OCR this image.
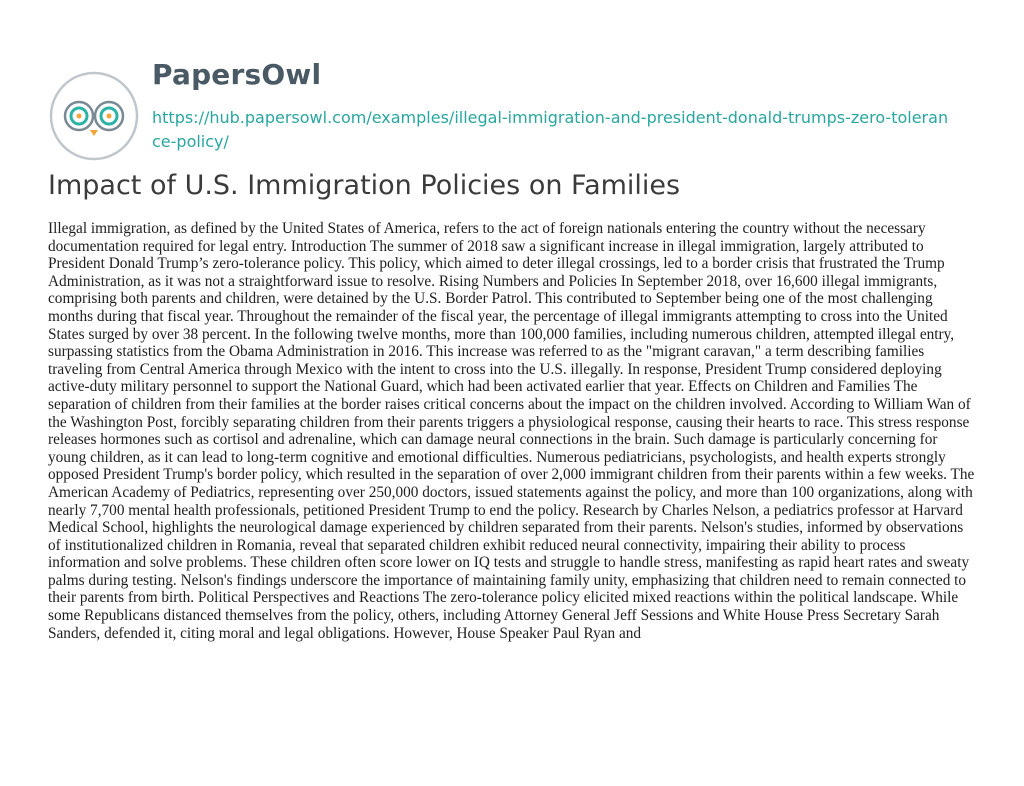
PapersOwl
https://hub.papersowl.com/examples/illegal-immigration-and-president-donald-trumps-zero-tolerance-policy/
Impact of U.S. Immigration Policies on Families

Illegal immigration, as defined by the United States of America, refers to the act of foreign nationals entering the country without the necessary documentation required for legal entry. Introduction The summer of 2018 saw a significant increase in illegal immigration, largely attributed to President Donald Trump’s zero-tolerance policy. This policy, which aimed to deter illegal crossings, led to a border crisis that frustrated the Trump Administration, as it was not a straightforward issue to resolve. Rising Numbers and Policies In September 2018, over 16,600 illegal immigrants, comprising both parents and children, were detained by the U.S. Border Patrol. This contributed to September being one of the most challenging months during that fiscal year. Throughout the remainder of the fiscal year, the percentage of illegal immigrants attempting to cross into the United States surged by over 38 percent. In the following twelve months, more than 100,000 families, including numerous children, attempted illegal entry, surpassing statistics from the Obama Administration in 2016. This increase was referred to as the "migrant caravan," a term describing families traveling from Central America through Mexico with the intent to cross into the U.S. illegally. In response, President Trump considered deploying active-duty military personnel to support the National Guard, which had been activated earlier that year. Effects on Children and Families The separation of children from their families at the border raises critical concerns about the impact on the children involved. According to William Wan of the Washington Post, forcibly separating children from their parents triggers a physiological response, causing their hearts to race. This stress response releases hormones such as cortisol and adrenaline, which can damage neural connections in the brain. Such damage is particularly concerning for young children, as it can lead to long-term cognitive and emotional difficulties. Numerous pediatricians, psychologists, and health experts strongly opposed President Trump's border policy, which resulted in the separation of over 2,000 immigrant children from their parents within a few weeks. The American Academy of Pediatrics, representing over 250,000 doctors, issued statements against the policy, and more than 100 organizations, along with nearly 7,700 mental health professionals, petitioned President Trump to end the policy. Research by Charles Nelson, a pediatrics professor at Harvard Medical School, highlights the neurological damage experienced by children separated from their parents. Nelson's studies, informed by observations of institutionalized children in Romania, reveal that separated children exhibit reduced neural connectivity, impairing their ability to process information and solve problems. These children often score lower on IQ tests and struggle to handle stress, manifesting as rapid heart rates and sweaty palms during testing. Nelson's findings underscore the importance of maintaining family unity, emphasizing that children need to remain connected to their parents from birth. Political Perspectives and Reactions The zero-tolerance policy elicited mixed reactions within the political landscape. While some Republicans distanced themselves from the policy, others, including Attorney General Jeff Sessions and White House Press Secretary Sarah Sanders, defended it, citing moral and legal obligations. However, House Speaker Paul Ryan and
